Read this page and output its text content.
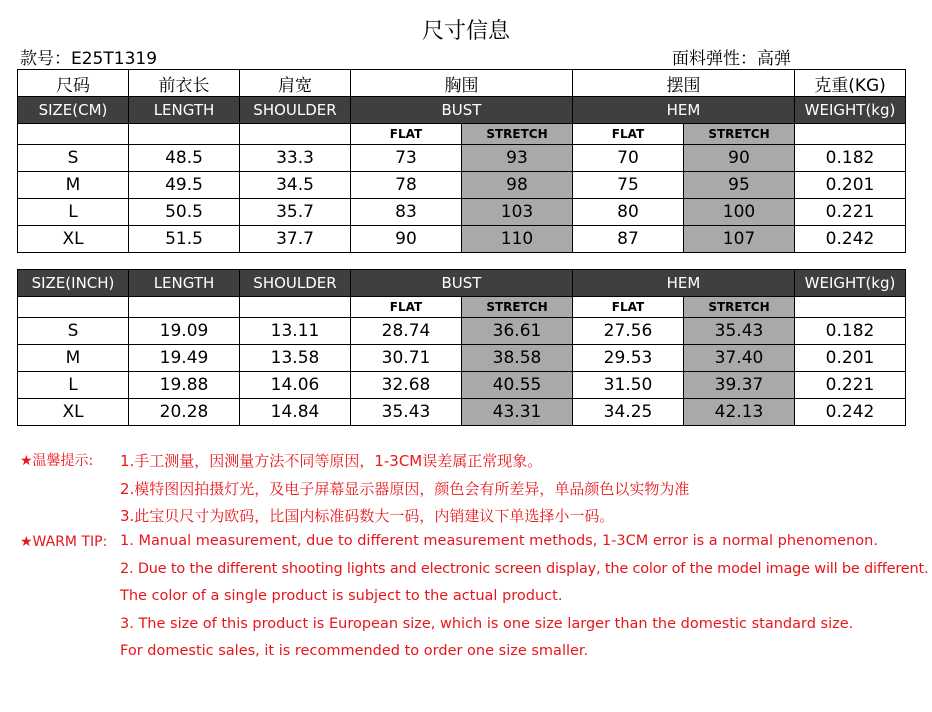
尺寸信息
款号：E25T1319	面料弹性：高弹
尺码	前衣长	肩宽	胸围		摆围		克重(KG)
SIZE(CM)	LENGTH	SHOULDER	BUST		HEM		WEIGHT(kg)
			FLAT	STRETCH	FLAT	STRETCH	
S	48.5	33.3	73	93	70	90	0.182
M	49.5	34.5	78	98	75	95	0.201
L	50.5	35.7	83	103	80	100	0.221
XL	51.5	37.7	90	110	87	107	0.242
SIZE(INCH)	LENGTH	SHOULDER	BUST		HEM		WEIGHT(kg)
			FLAT	STRETCH	FLAT	STRETCH	
S	19.09	13.11	28.74	36.61	27.56	35.43	0.182
M	19.49	13.58	30.71	38.58	29.53	37.40	0.201
L	19.88	14.06	32.68	40.55	31.50	39.37	0.221
XL	20.28	14.84	35.43	43.31	34.25	42.13	0.242
★温馨提示: 1.手工测量，因测量方法不同等原因，1-3CM误差属正常现象。
2.模特图因拍摄灯光，及电子屏幕显示器原因，颜色会有所差异，单品颜色以实物为准
3.此宝贝尺寸为欧码，比国内标准码数大一码，内销建议下单选择小一码。
★WARM TIP: 1. Manual measurement, due to different measurement methods, 1-3CM error is a normal phenomenon.
2. Due to the different shooting lights and electronic screen display, the color of the model image will be different.
The color of a single product is subject to the actual product.
3. The size of this product is European size, which is one size larger than the domestic standard size.
For domestic sales, it is recommended to order one size smaller.
